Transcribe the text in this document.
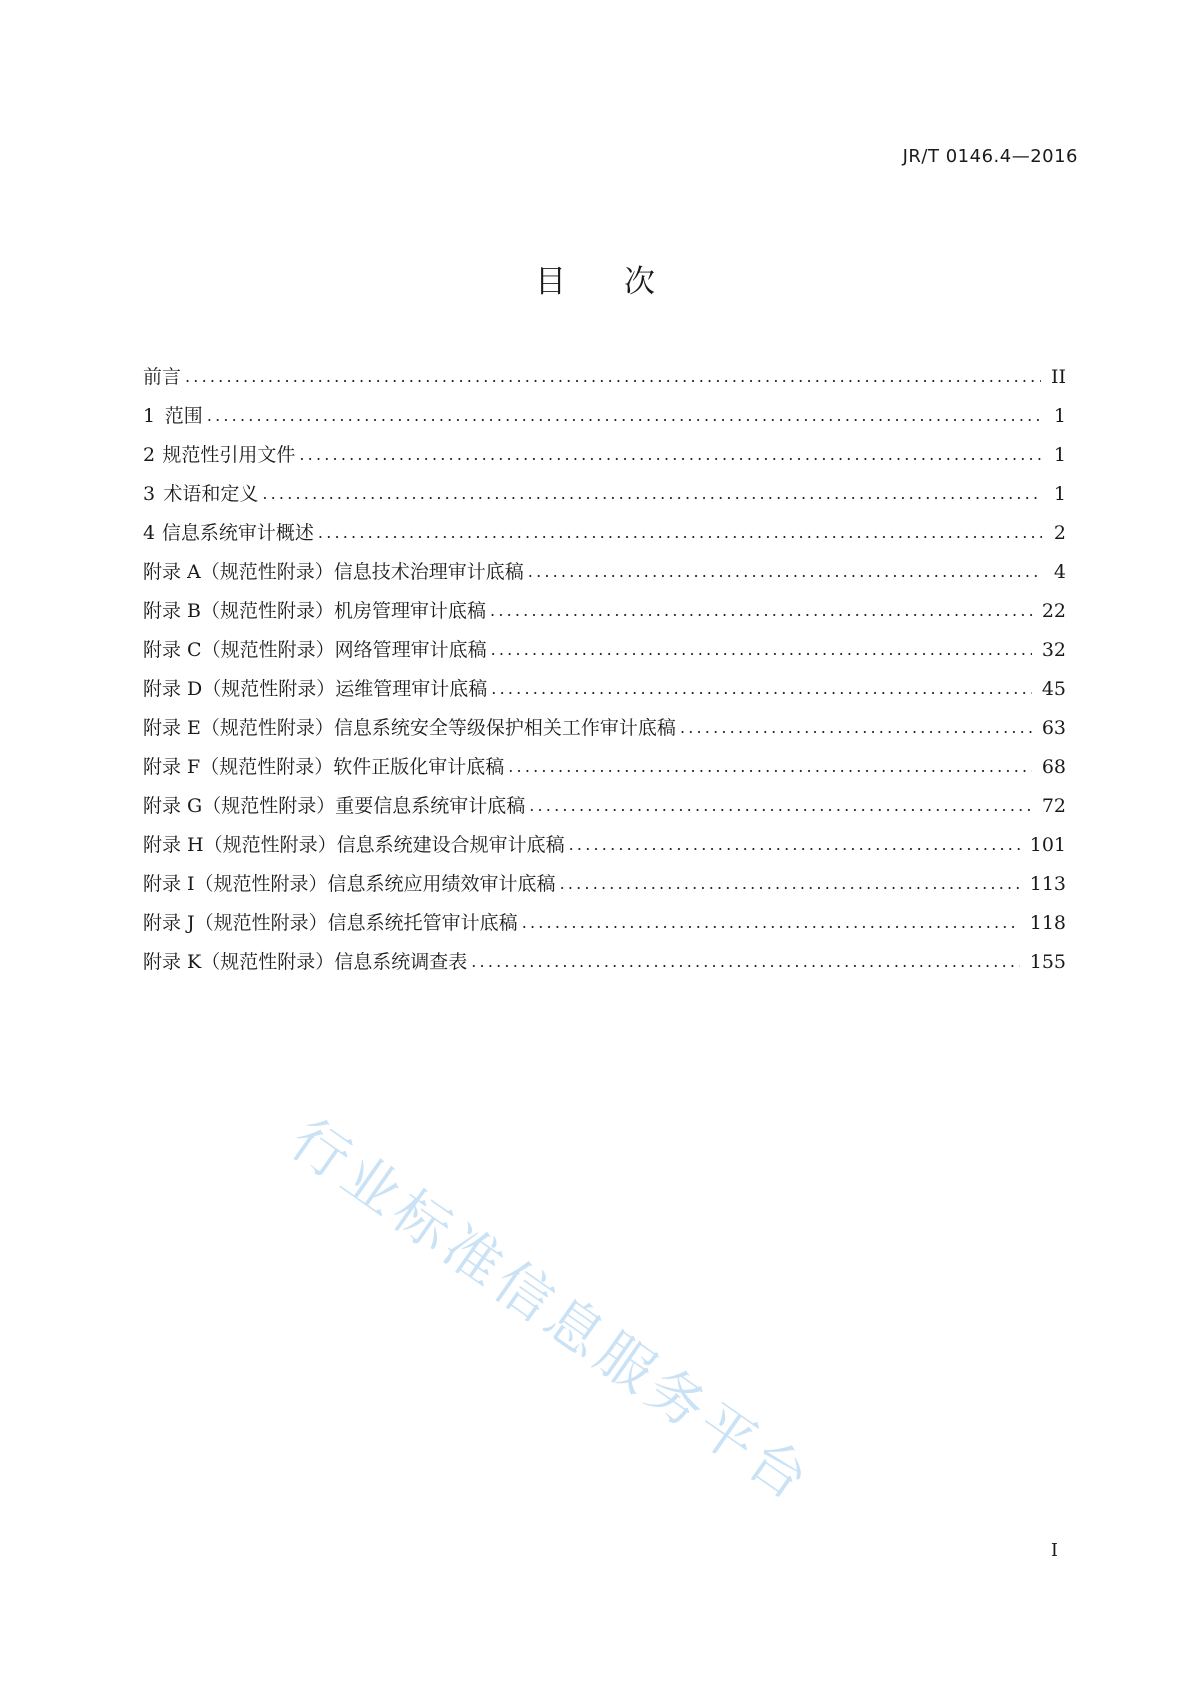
JR/T 0146.4—2016
目 次
前言 .....	II
1 范围 .....	1
2 规范性引用文件 .....	1
3 术语和定义 .....	1
4 信息系统审计概述 .....	2
附录 A（规范性附录） 信息技术治理审计底稿 .....	4
附录 B（规范性附录） 机房管理审计底稿 .....	22
附录 C（规范性附录） 网络管理审计底稿 .....	32
附录 D（规范性附录） 运维管理审计底稿 .....	45
附录 E（规范性附录） 信息系统安全等级保护相关工作审计底稿 .....	63
附录 F（规范性附录） 软件正版化审计底稿 .....	68
附录 G（规范性附录） 重要信息系统审计底稿 .....	72
附录 H（规范性附录） 信息系统建设合规审计底稿 .....	101
附录 I（规范性附录） 信息系统应用绩效审计底稿 .....	113
附录 J（规范性附录） 信息系统托管审计底稿 .....	118
附录 K（规范性附录） 信息系统调查表 .....	155
行业标准信息服务平台
I
